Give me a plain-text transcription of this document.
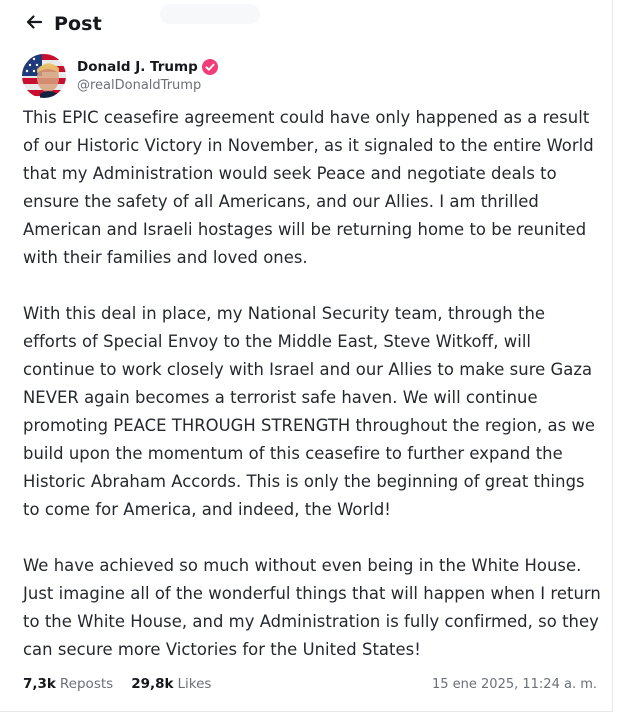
Post
Donald J. Trump
@realDonaldTrump

This EPIC ceasefire agreement could have only happened as a result of our Historic Victory in November, as it signaled to the entire World that my Administration would seek Peace and negotiate deals to ensure the safety of all Americans, and our Allies. I am thrilled American and Israeli hostages will be returning home to be reunited with their families and loved ones.

With this deal in place, my National Security team, through the efforts of Special Envoy to the Middle East, Steve Witkoff, will continue to work closely with Israel and our Allies to make sure Gaza NEVER again becomes a terrorist safe haven. We will continue promoting PEACE THROUGH STRENGTH throughout the region, as we build upon the momentum of this ceasefire to further expand the Historic Abraham Accords. This is only the beginning of great things to come for America, and indeed, the World!

We have achieved so much without even being in the White House. Just imagine all of the wonderful things that will happen when I return to the White House, and my Administration is fully confirmed, so they can secure more Victories for the United States!

7,3k Reposts 29,8k Likes	15 ene 2025, 11:24 a. m.
